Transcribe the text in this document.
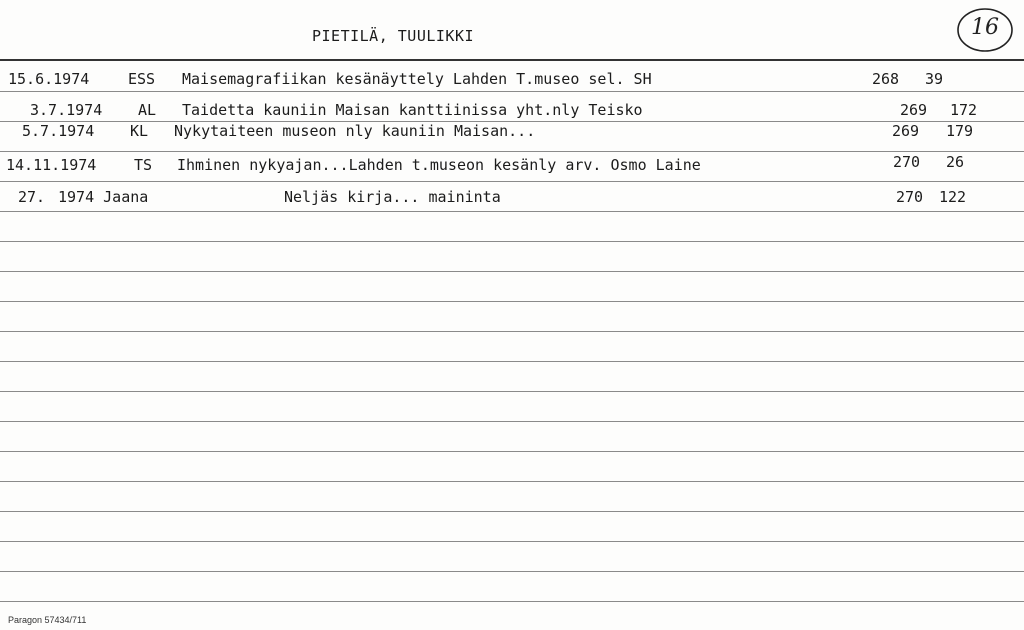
PIETILÄ, TUULIKKI	16
15.6.1974	ESS Maisemagrafiikan kesänäyttely Lahden T.museo sel. SH	268 39
3.7.1974 AL Taidetta kauniin Maisan kanttiinissa yht.nly Teisko	269 172
5.7.1974 KL Nykytaiteen museon nly kauniin Maisan...	269 179
14.11.1974	TS Ihminen nykyajan...Lahden t.museon kesänly arv. Osmo Laine	270 26
27. 1974 Jaana	Neljäs kirja... maininta	270 122
Paragon 57434/711
